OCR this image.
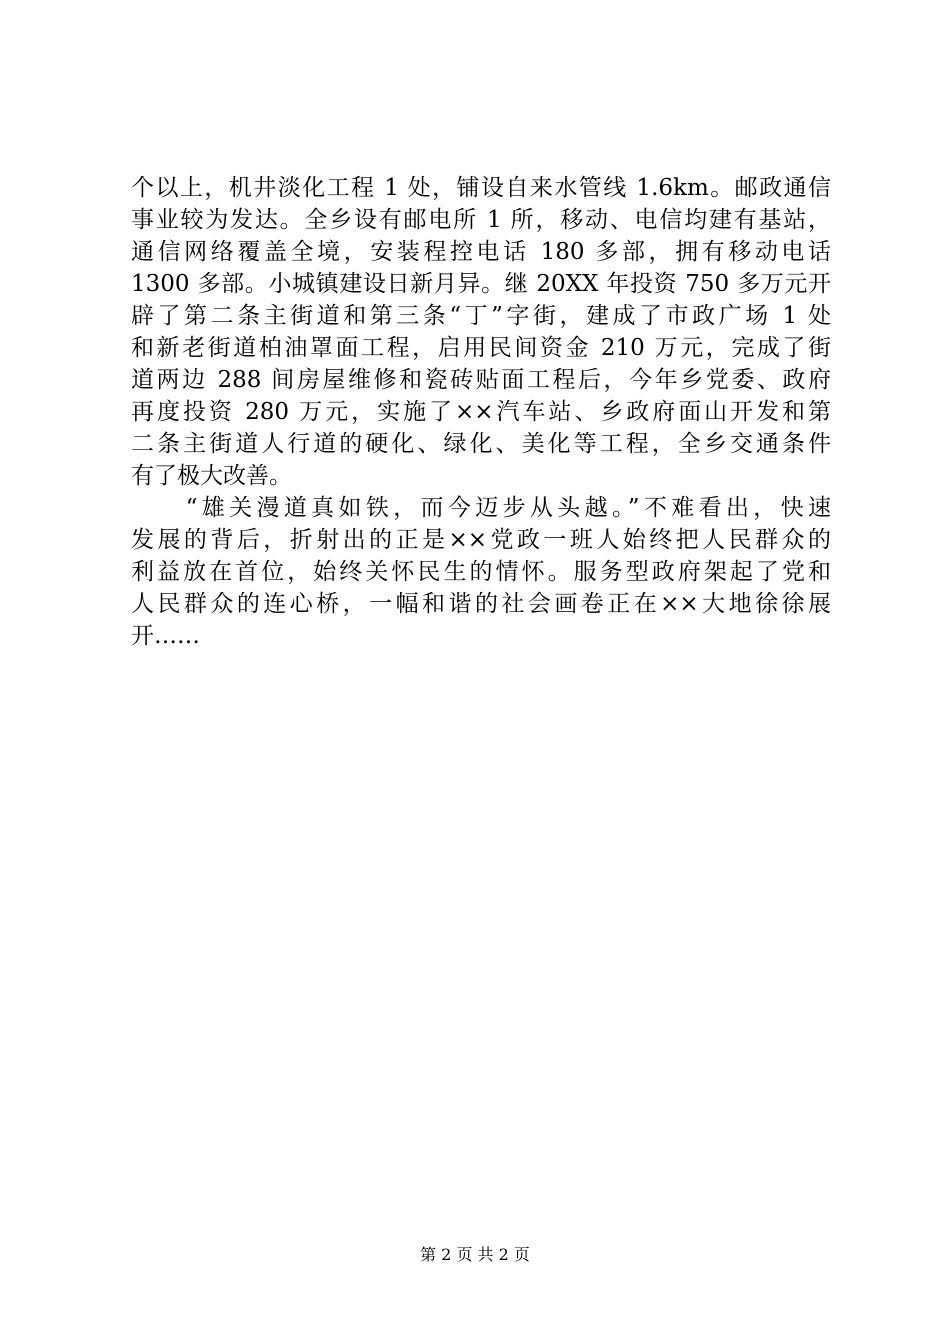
个以上，机井淡化工程 1 处，铺设自来水管线 1.6km。邮政通信
事业较为发达。全乡设有邮电所 1 所，移动、电信均建有基站，
通信网络覆盖全境，安装程控电话 180 多部，拥有移动电话
1300 多部。小城镇建设日新月异。继 20XX 年投资 750 多万元开
辟了第二条主街道和第三条“丁”字街，建成了市政广场 1 处
和新老街道柏油罩面工程，启用民间资金 210 万元，完成了街
道两边 288 间房屋维修和瓷砖贴面工程后，今年乡党委、政府
再度投资 280 万元，实施了××汽车站、乡政府面山开发和第
二条主街道人行道的硬化、绿化、美化等工程，全乡交通条件
有了极大改善。
　　“雄关漫道真如铁，而今迈步从头越。”不难看出，快速
发展的背后，折射出的正是××党政一班人始终把人民群众的
利益放在首位，始终关怀民生的情怀。服务型政府架起了党和
人民群众的连心桥，一幅和谐的社会画卷正在××大地徐徐展
开……
第 2 页 共 2 页
